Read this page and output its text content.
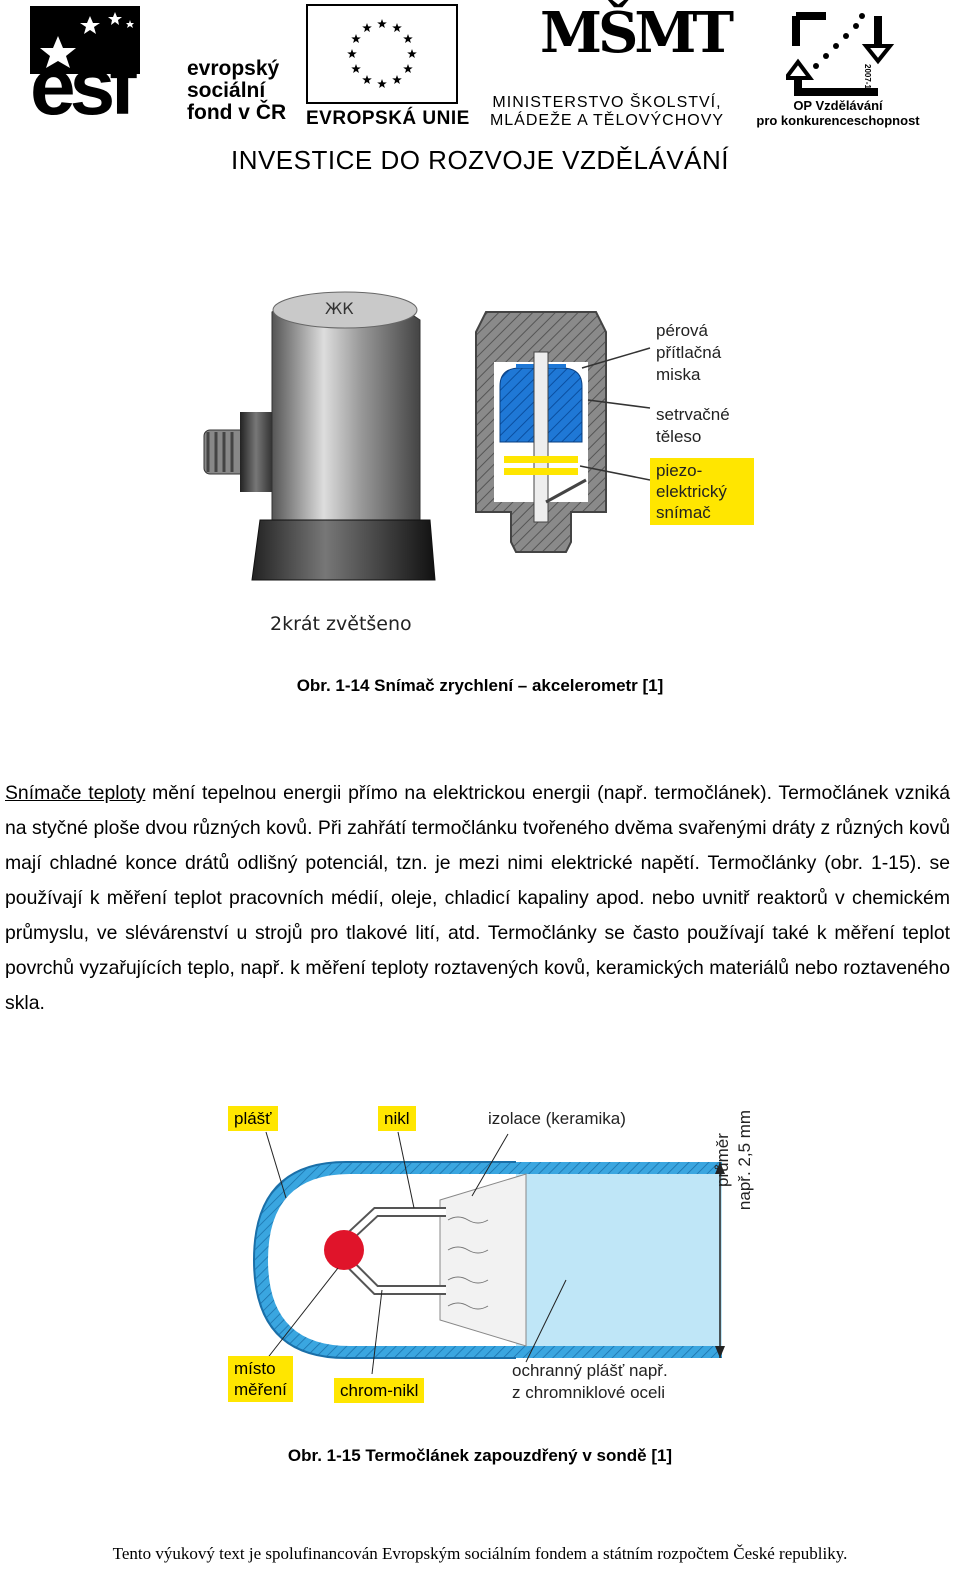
esf	evropský
sociální
fond v ČR EVROPSKÁ UNIE
MŠMT
MINISTERSTVO ŠKOLSTVÍ,
MLÁDEŽE A TĚLOVÝCHOVY
2007-13
OP Vzdělávání
pro konkurenceschopnost
INVESTICE DO ROZVOJE VZDĚLÁVÁNÍ
ЖК
2krát zvětšeno
pérová
přítlačná
miska
setrvačné
těleso
piezo-
elektrický
snímač
Obr. 1-14 Snímač zrychlení – akcelerometr [1]
Snímače teploty mění tepelnou energii přímo na elektrickou energii (např. termočlánek). Termočlánek vzniká na styčné ploše dvou různých kovů. Při zahřátí termočlánku tvořeného dvěma svařenými dráty z různých kovů mají chladné konce drátů odlišný potenciál, tzn. je mezi nimi elektrické napětí. Termočlánky (obr. 1-15). se používají k měření teplot pracovních médií, oleje, chladicí kapaliny apod. nebo uvnitř reaktorů v chemickém průmyslu, ve slévárenství u strojů pro tlakové lití, atd. Termočlánky se často používají také k měření teplot povrchů vyzařujících teplo, např. k měření teploty roztavených kovů, keramických materiálů nebo roztaveného skla.
plášť	nikl	izolace (keramika)
průměr např. 2,5 mm
místo
měření	chrom-nikl
ochranný plášť např.
z chromniklové oceli
Obr. 1-15 Termočlánek zapouzdřený v sondě [1]
Tento výukový text je spolufinancován Evropským sociálním fondem a státním rozpočtem České republiky.
